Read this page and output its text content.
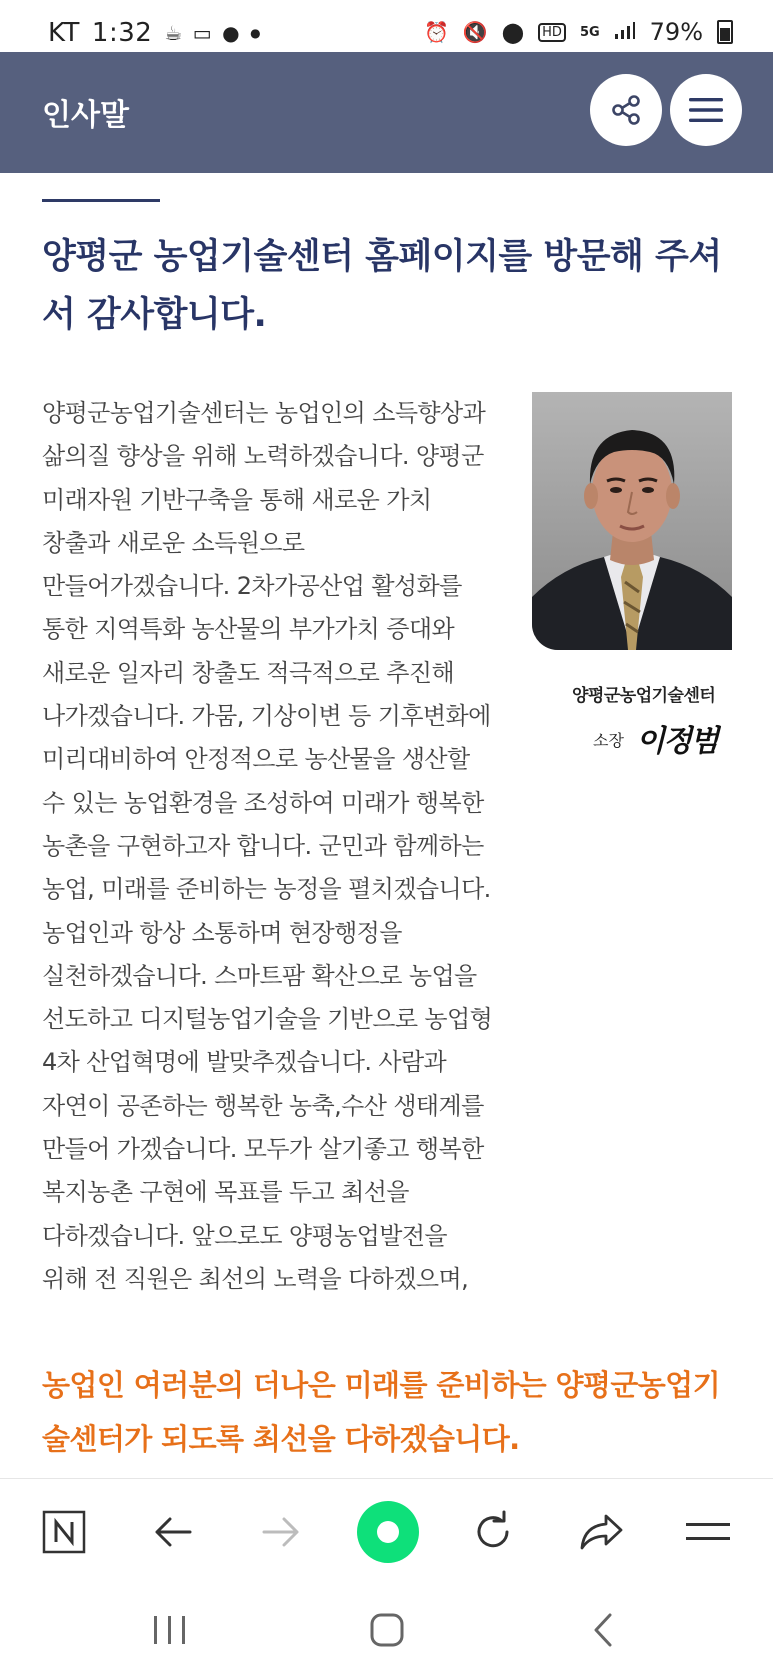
KT 1:32 ☕ ▭ ● ●	⏰ 🔇 ⬤	HD	5G 79%
인사말
양평군 농업기술센터 홈페이지를 방문해 주셔서 감사합니다.

양평군농업기술센터는 농업인의 소득향상과 삶의질 향상을 위해 노력하겠습니다. 양평군 미래자원 기반구축을 통해 새로운 가치 창출과 새로운 소득원으로 만들어가겠습니다. 2차가공산업 활성화를 통한 지역특화 농산물의 부가가치 증대와 새로운 일자리 창출도 적극적으로 추진해 나가겠습니다. 가뭄, 기상이변 등 기후변화에 미리대비하여 안정적으로 농산물을 생산할 수 있는 농업환경을 조성하여 미래가 행복한 농촌을 구현하고자 합니다. 군민과 함께하는 농업, 미래를 준비하는 농정을 펼치겠습니다. 농업인과 항상 소통하며 현장행정을 실천하겠습니다. 스마트팜 확산으로 농업을 선도하고 디지털농업기술을 기반으로 농업형 4차 산업혁명에 발맞추겠습니다. 사람과 자연이 공존하는 행복한 농축,수산 생태계를 만들어 가겠습니다. 모두가 살기좋고 행복한 복지농촌 구현에 목표를 두고 최선을 다하겠습니다. 앞으로도 양평농업발전을 위해 전 직원은 최선의 노력을 다하겠으며,

양평군농업기술센터
소장 이정범

농업인 여러분의 더나은 미래를 준비하는 양평군농업기술센터가 되도록 최선을 다하겠습니다.
